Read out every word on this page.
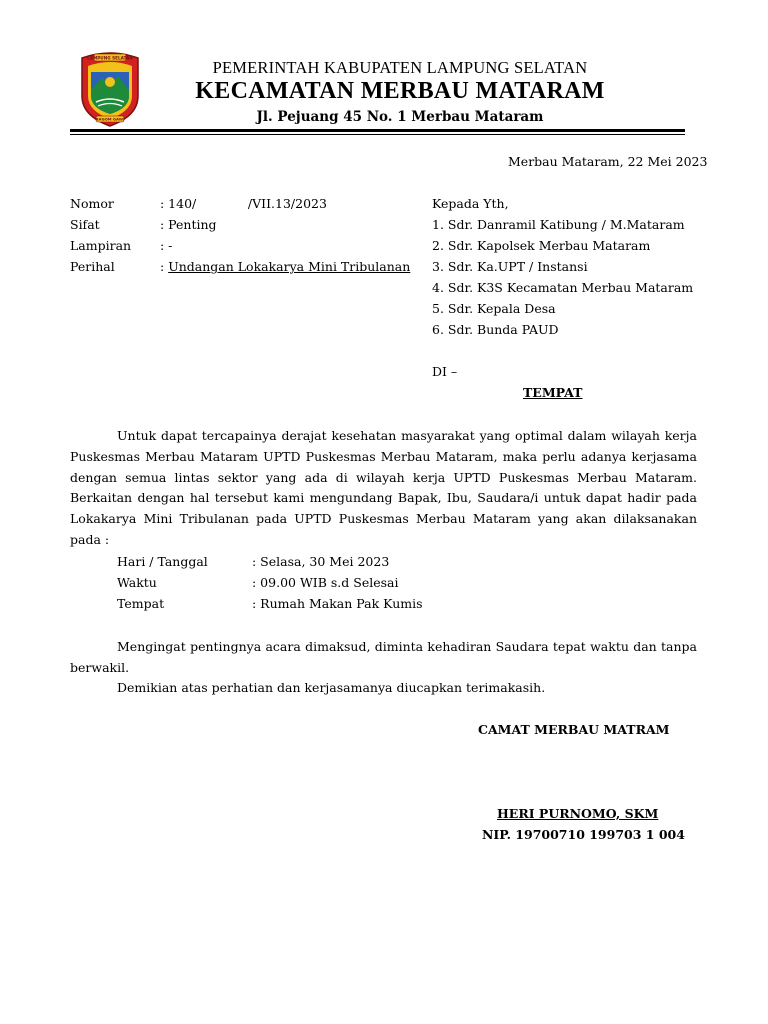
LAMPUNG SELATAN
RAGOM GAWI
PEMERINTAH KABUPATEN LAMPUNG SELATAN
KECAMATAN MERBAU MATARAM
Jl. Pejuang 45 No. 1 Merbau Mataram
Merbau Mataram, 22 Mei 2023
Nomor	: 140/             /VII.13/2023
Sifat	: Penting
Lampiran : -
Perihal	: Undangan Lokakarya Mini Tribulanan
Kepada Yth,
1. Sdr. Danramil Katibung / M.Mataram
2. Sdr. Kapolsek Merbau Mataram
3. Sdr. Ka.UPT / Instansi
4. Sdr. K3S Kecamatan Merbau Mataram
5. Sdr. Kepala Desa
6. Sdr. Bunda PAUD
DI –
TEMPAT
Untuk dapat tercapainya derajat kesehatan masyarakat yang optimal dalam wilayah kerja Puskesmas Merbau Mataram UPTD Puskesmas Merbau Mataram, maka perlu adanya kerjasama dengan semua lintas sektor yang ada di wilayah kerja UPTD Puskesmas Merbau Mataram. Berkaitan dengan hal tersebut kami mengundang Bapak, Ibu, Saudara/i untuk dapat hadir pada Lokakarya Mini Tribulanan pada UPTD Puskesmas Merbau Mataram yang akan dilaksanakan pada :
Hari / Tanggal	: Selasa, 30 Mei 2023
Waktu	: 09.00 WIB s.d Selesai
Tempat	: Rumah Makan Pak Kumis
Mengingat pentingnya acara dimaksud, diminta kehadiran Saudara tepat waktu dan tanpa berwakil.
Demikian atas perhatian dan kerjasamanya diucapkan terimakasih.
CAMAT MERBAU MATRAM
HERI PURNOMO, SKM
NIP. 19700710 199703 1 004
